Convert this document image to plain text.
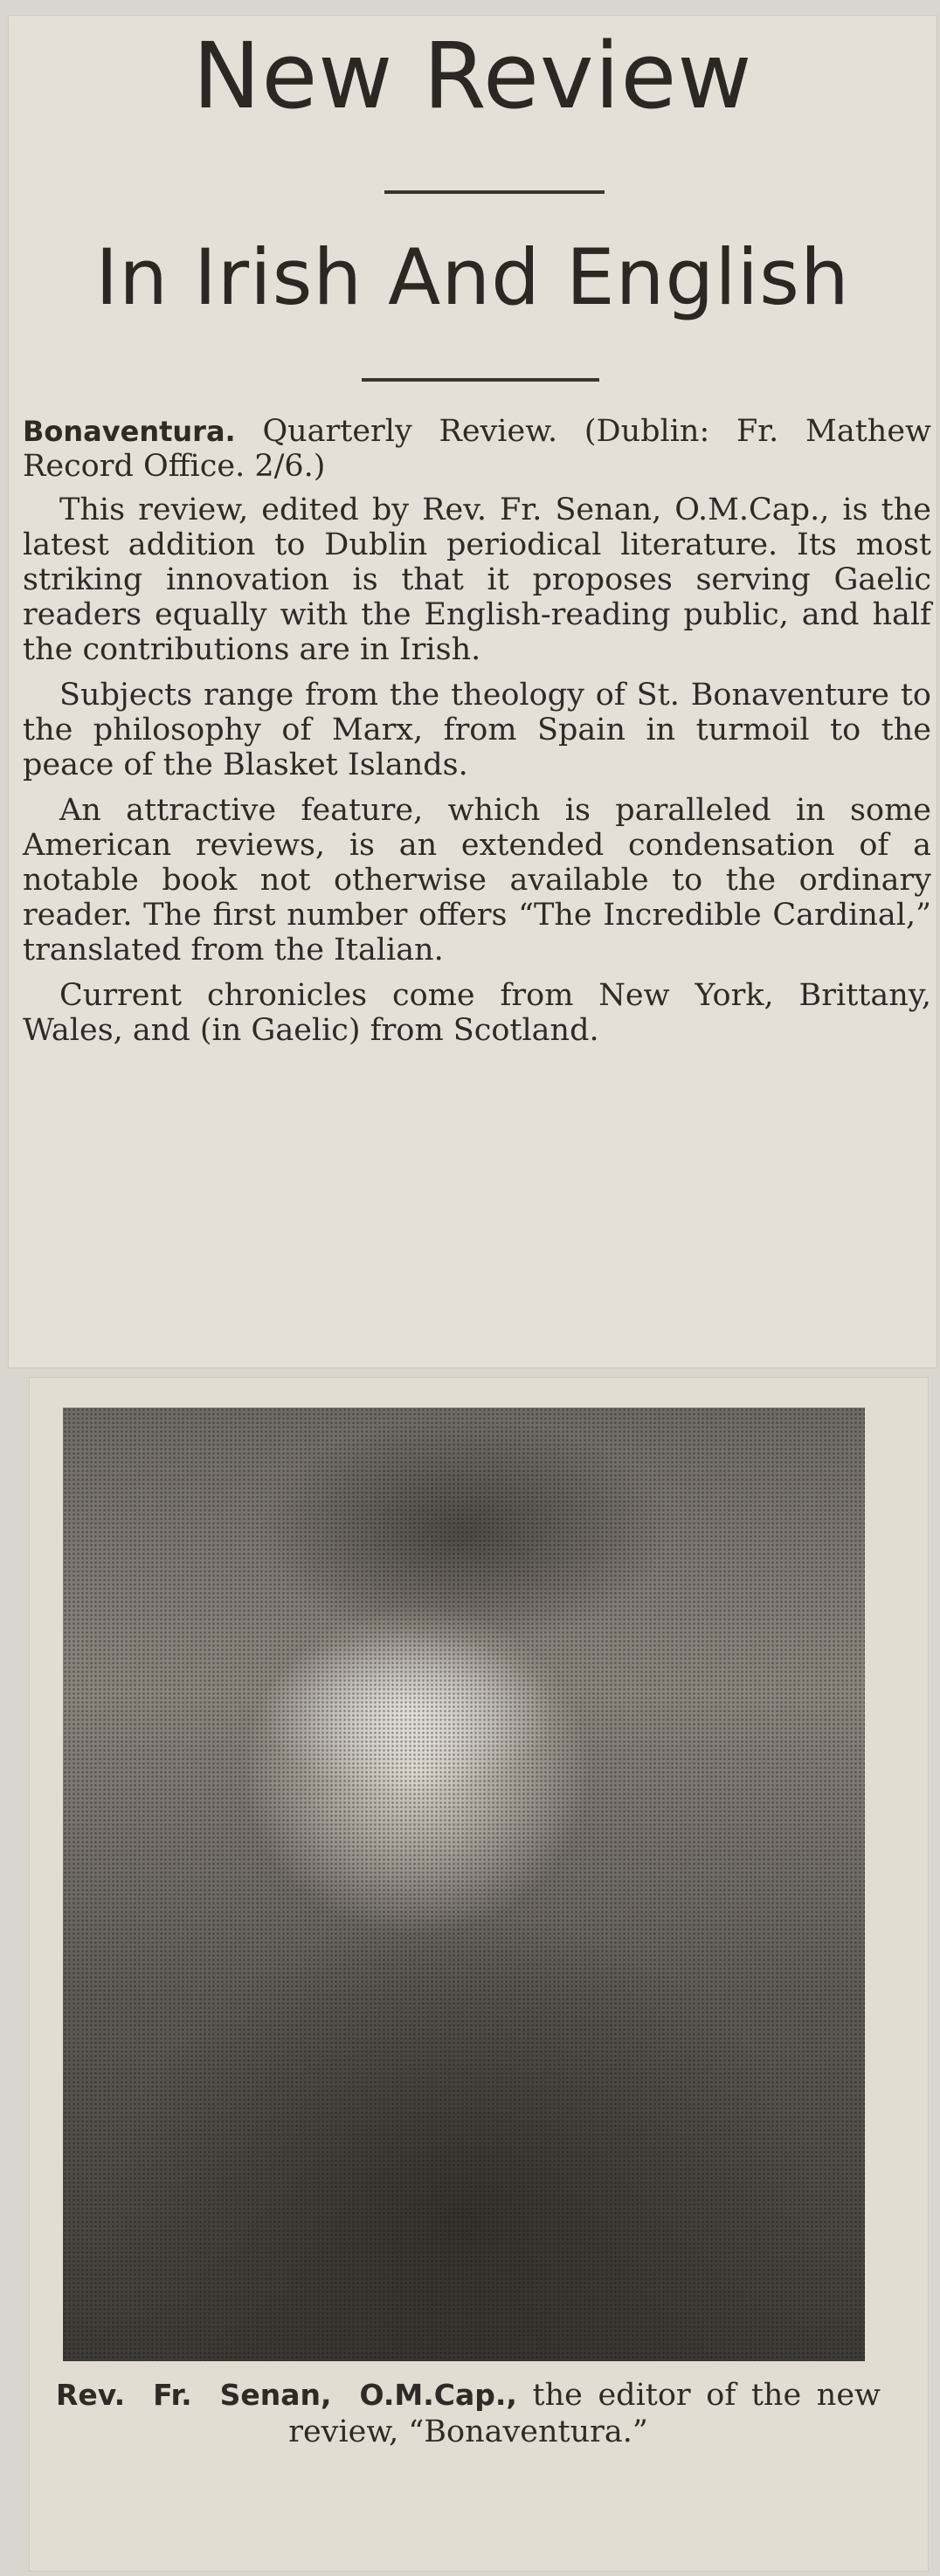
New Review
In Irish And English

Bonaventura. Quarterly Review. (Dublin: Fr. Mathew Record Office. 2/6.)

This review, edited by Rev. Fr. Senan, O.M.Cap., is the latest addition to Dublin periodical literature. Its most striking innovation is that it proposes serving Gaelic readers equally with the English-reading public, and half the contributions are in Irish.

Subjects range from the theology of St. Bonaventure to the philosophy of Marx, from Spain in turmoil to the peace of the Blasket Islands.

An attractive feature, which is paralleled in some American reviews, is an extended condensation of a notable book not otherwise available to the ordinary reader. The first number offers “The Incredible Cardinal,” translated from the Italian.

Current chronicles come from New York, Brittany, Wales, and (in Gaelic) from Scotland.

Rev. Fr. Senan, O.M.Cap., the editor of the new review, “Bonaventura.”
